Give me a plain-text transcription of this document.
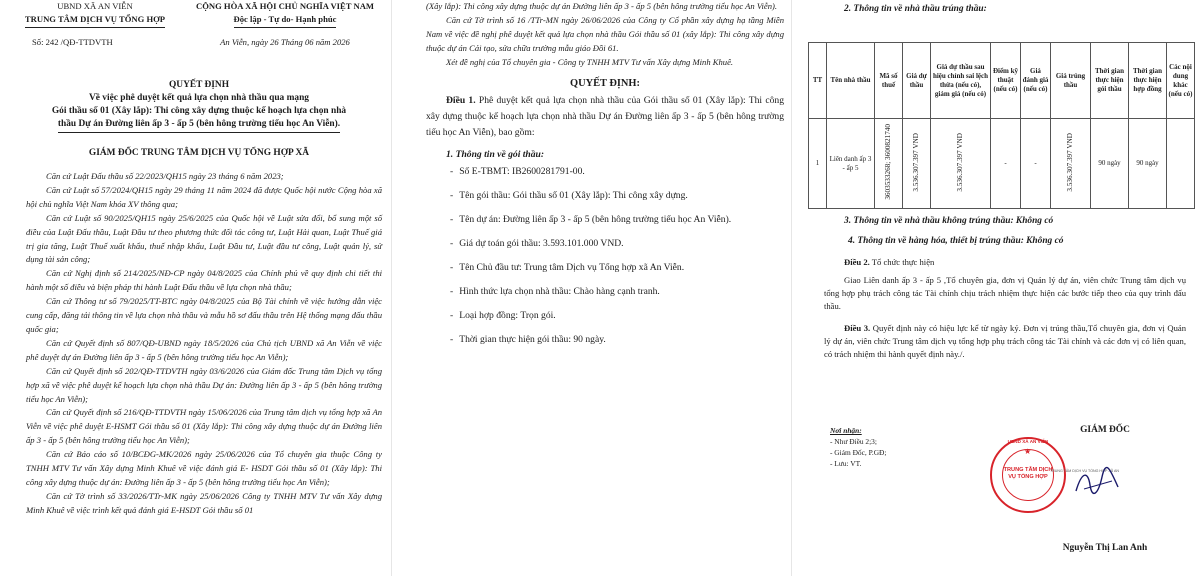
UBND XÃ AN VIỄN
TRUNG TÂM DỊCH VỤ TỔNG HỢP
Số: 242 /QĐ-TTDVTH
CỘNG HÒA XÃ HỘI CHỦ NGHĨA VIỆT NAM
Độc lập - Tự do- Hạnh phúc
An Viễn, ngày 26 Tháng 06 năm 2026
QUYẾT ĐỊNH
Về việc phê duyệt kết quả lựa chọn nhà thầu qua mạng
Gói thầu số 01 (Xây lắp): Thi công xây dựng thuộc kế hoạch lựa chọn nhà
thầu Dự án Đường liên ấp 3 - ấp 5 (bên hông trường tiểu học An Viễn).
GIÁM ĐỐC TRUNG TÂM DỊCH VỤ TỔNG HỢP XÃ

Căn cứ Luật Đấu thầu số 22/2023/QH15 ngày 23 tháng 6 năm 2023;

Căn cứ Luật số 57/2024/QH15 ngày 29 tháng 11 năm 2024 đã được Quốc hội nước Cộng hòa xã hội chủ nghĩa Việt Nam khóa XV thông qua;

Căn cứ Luật số 90/2025/QH15 ngày 25/6/2025 của Quốc hội về Luật sửa đổi, bổ sung một số điều của Luật Đấu thầu, Luật Đầu tư theo phương thức đối tác công tư, Luật Hải quan, Luật Thuế giá trị gia tăng, Luật Thuế xuất khẩu, thuế nhập khẩu, Luật Đầu tư, Luật đầu tư công, Luật quản lý, sử dụng tài sản công;

Căn cứ Nghị định số 214/2025/NĐ-CP ngày 04/8/2025 của Chính phủ về quy định chi tiết thi hành một số điều và biện pháp thi hành Luật Đấu thầu về lựa chọn nhà thầu;

Căn cứ Thông tư số 79/2025/TT-BTC ngày 04/8/2025 của Bộ Tài chính về việc hướng dẫn việc cung cấp, đăng tải thông tin về lựa chọn nhà thầu và mẫu hồ sơ đấu thầu trên Hệ thống mạng đấu thầu quốc gia;

Căn cứ Quyết định số 807/QĐ-UBND ngày 18/5/2026 của Chủ tịch UBND xã An Viễn về việc phê duyệt dự án Đường liên ấp 3 - ấp 5 (bên hông trường tiểu học An Viễn);

Căn cứ Quyết định số 202/QĐ-TTDVTH ngày 03/6/2026 của Giám đốc Trung tâm Dịch vụ tổng hợp xã về việc phê duyệt kế hoạch lựa chọn nhà thầu Dự án: Đường liên ấp 3 - ấp 5 (bên hông trường tiểu học An Viễn);

Căn cứ Quyết định số 216/QĐ-TTDVTH ngày 15/06/2026 của Trung tâm dịch vụ tổng hợp xã An Viễn về việc phê duyệt E-HSMT Gói thầu số 01 (Xây lắp): Thi công xây dựng thuộc dự án Đường liên ấp 3 - ấp 5 (bên hông trường tiểu học An Viễn);

Căn cứ Báo cáo số 10/BCĐG-MK/2026 ngày 25/06/2026 của Tổ chuyên gia thuộc Công ty TNHH MTV Tư vấn Xây dựng Minh Khuê về việc đánh giá E- HSDT Gói thầu số 01 (Xây lắp): Thi công xây dựng thuộc dự án: Đường liên ấp 3 - ấp 5 (bên hông trường tiểu học An Viễn);

Căn cứ Tờ trình số 33/2026/TTr-MK ngày 25/06/2026 Công ty TNHH MTV Tư vấn Xây dựng Minh Khuê về việc trình kết quả đánh giá E-HSDT Gói thầu số 01

(Xây lắp): Thi công xây dựng thuộc dự án Đường liên ấp 3 - ấp 5 (bên hông trường tiểu học An Viễn).

Căn cứ Tờ trình số 16 /TTr-MN ngày 26/06/2026 của Công ty Cổ phần xây dựng hạ tầng Miền Nam về việc đề nghị phê duyệt kết quả lựa chọn nhà thầu Gói thầu số 01 (xây lắp): Thi công xây dựng thuộc dự án Cải tạo, sửa chữa trường mẫu giáo Đồi 61.

Xét đề nghị của Tổ chuyên gia - Công ty TNHH MTV Tư vấn Xây dựng Minh Khuê.

QUYẾT ĐỊNH:
Điều 1. Phê duyệt kết quả lựa chọn nhà thầu của Gói thầu số 01 (Xây lắp): Thi công xây dựng thuộc kế hoạch lựa chọn nhà thầu Dự án Đường liên ấp 3 - ấp 5 (bên hông trường tiểu học An Viễn), bao gồm:
1. Thông tin về gói thầu:
- Số E-TBMT: IB2600281791-00.
- Tên gói thầu: Gói thầu số 01 (Xây lắp): Thi công xây dựng.
- Tên dự án: Đường liên ấp 3 - ấp 5 (bên hông trường tiểu học An Viễn).
- Giá dự toán gói thầu: 3.593.101.000 VND.
- Tên Chủ đầu tư: Trung tâm Dịch vụ Tổng hợp xã An Viễn.
- Hình thức lựa chọn nhà thầu: Chào hàng cạnh tranh.
- Loại hợp đồng: Trọn gói.
- Thời gian thực hiện gói thầu: 90 ngày.
2. Thông tin về nhà thầu trúng thầu:
TT	Tên nhà thầu	Mã số thuế	Giá dự thầu	Giá dự thầu sau hiệu chỉnh sai lệch thừa (nếu có), giảm giá (nếu có)	Điểm kỹ thuật (nếu có)	Giá đánh giá (nếu có)	Giá trúng thầu	Thời gian thực hiện gói thầu	Thời gian thực hiện hợp đồng	Các nội dung khác (nếu có)
1	Liên danh ấp 3 - ấp 5	3603533268; 3600821740	3.536.307.397 VND	3.536.307.397 VND	-	-	3.536.307.397 VND	90 ngày	90 ngày	
3. Thông tin về nhà thầu không trúng thầu: Không có
4. Thông tin về hàng hóa, thiết bị trúng thầu: Không có
Điều 2. Tổ chức thực hiện
Giao Liên danh ấp 3 - ấp 5 ,Tổ chuyên gia, đơn vị Quản lý dự án, viên chức Trung tâm dịch vụ tổng hợp phụ trách công tác Tài chính chịu trách nhiệm thực hiện các bước tiếp theo của quy trình đấu thầu.
Điều 3. Quyết định này có hiệu lực kể từ ngày ký. Đơn vị trúng thầu,Tổ chuyên gia, đơn vị Quản lý dự án, viên chức Trung tâm dịch vụ tổng hợp phụ trách công tác Tài chính và các đơn vị có liên quan, có trách nhiệm thi hành quyết định này./.
Nơi nhận:
- Như Điều 2;3;
- Giám Đốc, P.GĐ;
- Lưu: VT.
GIÁM ĐỐC
UBND XÃ AN VIỄN
★
TRUNG TÂM DỊCH VỤ TỔNG HỢP
TRUNG TÂM DỊCH VỤ TỔNG HỢP XÃ AN
Nguyễn Thị Lan Anh
